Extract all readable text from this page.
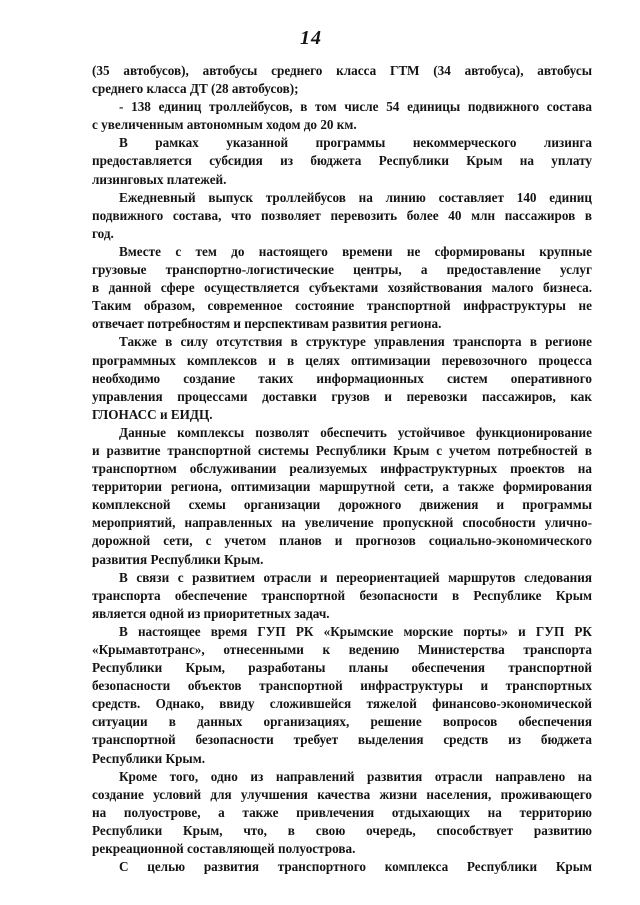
14
(35 автобусов), автобусы среднего класса ГТМ (34 автобуса), автобусы
среднего класса ДТ (28 автобусов);
- 138 единиц троллейбусов, в том числе 54 единицы подвижного состава
с увеличенным автономным ходом до 20 км.
В рамках указанной программы некоммерческого лизинга
предоставляется субсидия из бюджета Республики Крым на уплату
лизинговых платежей.
Ежедневный выпуск троллейбусов на линию составляет 140 единиц
подвижного состава, что позволяет перевозить более 40 млн пассажиров в
год.
Вместе с тем до настоящего времени не сформированы крупные
грузовые транспортно-логистические центры, а предоставление услуг
в данной сфере осуществляется субъектами хозяйствования малого бизнеса.
Таким образом, современное состояние транспортной инфраструктуры не
отвечает потребностям и перспективам развития региона.
Также в силу отсутствия в структуре управления транспорта в регионе
программных комплексов и в целях оптимизации перевозочного процесса
необходимо создание таких информационных систем оперативного
управления процессами доставки грузов и перевозки пассажиров, как
ГЛОНАСС и ЕИДЦ.
Данные комплексы позволят обеспечить устойчивое функционирование
и развитие транспортной системы Республики Крым с учетом потребностей в
транспортном обслуживании реализуемых инфраструктурных проектов на
территории региона, оптимизации маршрутной сети, а также формирования
комплексной схемы организации дорожного движения и программы
мероприятий, направленных на увеличение пропускной способности улично-
дорожной сети, с учетом планов и прогнозов социально-экономического
развития Республики Крым.
В связи с развитием отрасли и переориентацией маршрутов следования
транспорта обеспечение транспортной безопасности в Республике Крым
является одной из приоритетных задач.
В настоящее время ГУП РК «Крымские морские порты» и ГУП РК
«Крымавтотранс», отнесенными к ведению Министерства транспорта
Республики Крым, разработаны планы обеспечения транспортной
безопасности объектов транспортной инфраструктуры и транспортных
средств. Однако, ввиду сложившейся тяжелой финансово-экономической
ситуации в данных организациях, решение вопросов обеспечения
транспортной безопасности требует выделения средств из бюджета
Республики Крым.
Кроме того, одно из направлений развития отрасли направлено на
создание условий для улучшения качества жизни населения, проживающего
на полуострове, а также привлечения отдыхающих на территорию
Республики Крым, что, в свою очередь, способствует развитию
рекреационной составляющей полуострова.
С целью развития транспортного комплекса Республики Крым
